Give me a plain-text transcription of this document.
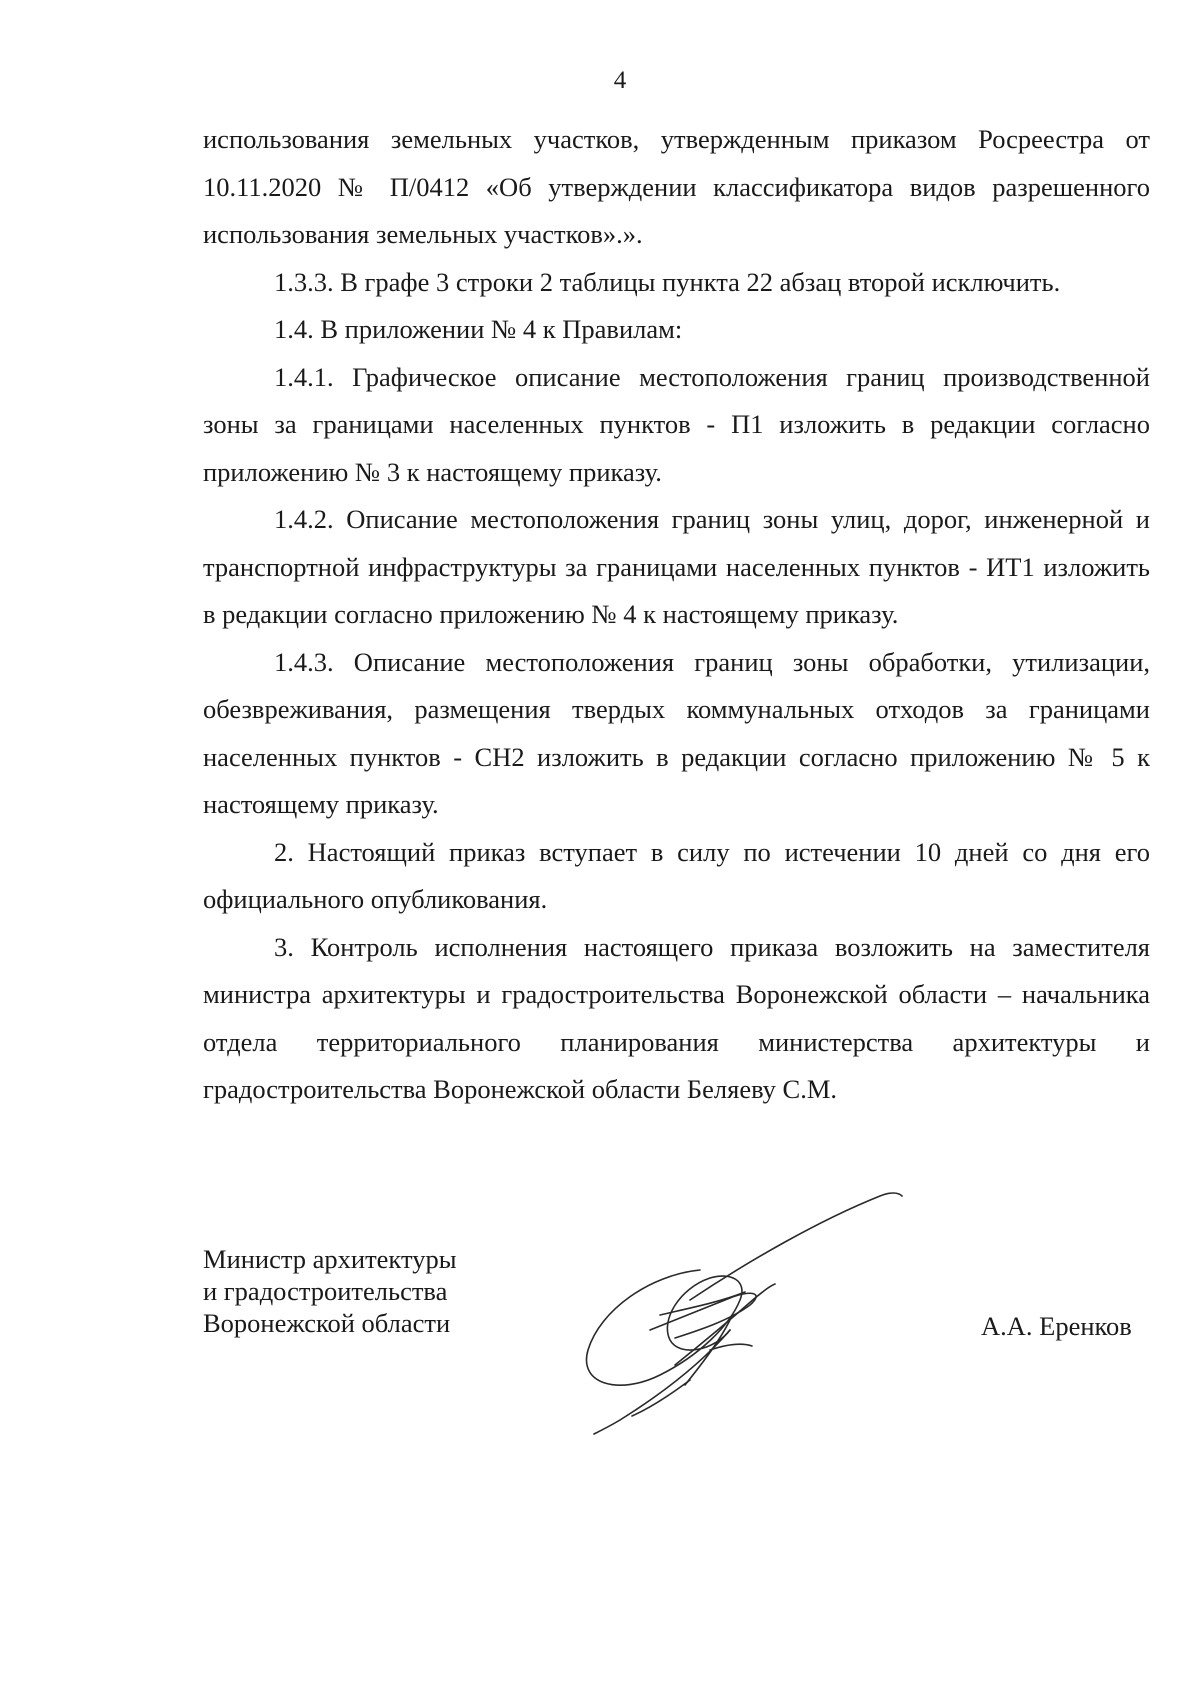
4

использования земельных участков, утвержденным приказом Росреестра от 10.11.2020 № П/0412 «Об утверждении классификатора видов разрешенного использования земельных участков».».

1.3.3. В графе 3 строки 2 таблицы пункта 22 абзац второй исключить.

1.4. В приложении № 4 к Правилам:

1.4.1. Графическое описание местоположения границ производственной зоны за границами населенных пунктов - П1 изложить в редакции согласно приложению № 3 к настоящему приказу.

1.4.2. Описание местоположения границ зоны улиц, дорог, инженерной и транспортной инфраструктуры за границами населенных пунктов - ИТ1 изложить в редакции согласно приложению № 4 к настоящему приказу.

1.4.3. Описание местоположения границ зоны обработки, утилизации, обезвреживания, размещения твердых коммунальных отходов за границами населенных пунктов - СН2 изложить в редакции согласно приложению № 5 к настоящему приказу.

2. Настоящий приказ вступает в силу по истечении 10 дней со дня его официального опубликования.

3. Контроль исполнения настоящего приказа возложить на заместителя министра архитектуры и градостроительства Воронежской области – начальника отдела территориального планирования министерства архитектуры и градостроительства Воронежской области Беляеву С.М.

Министр архитектуры
и градостроительства
Воронежской области	А.А. Еренков
